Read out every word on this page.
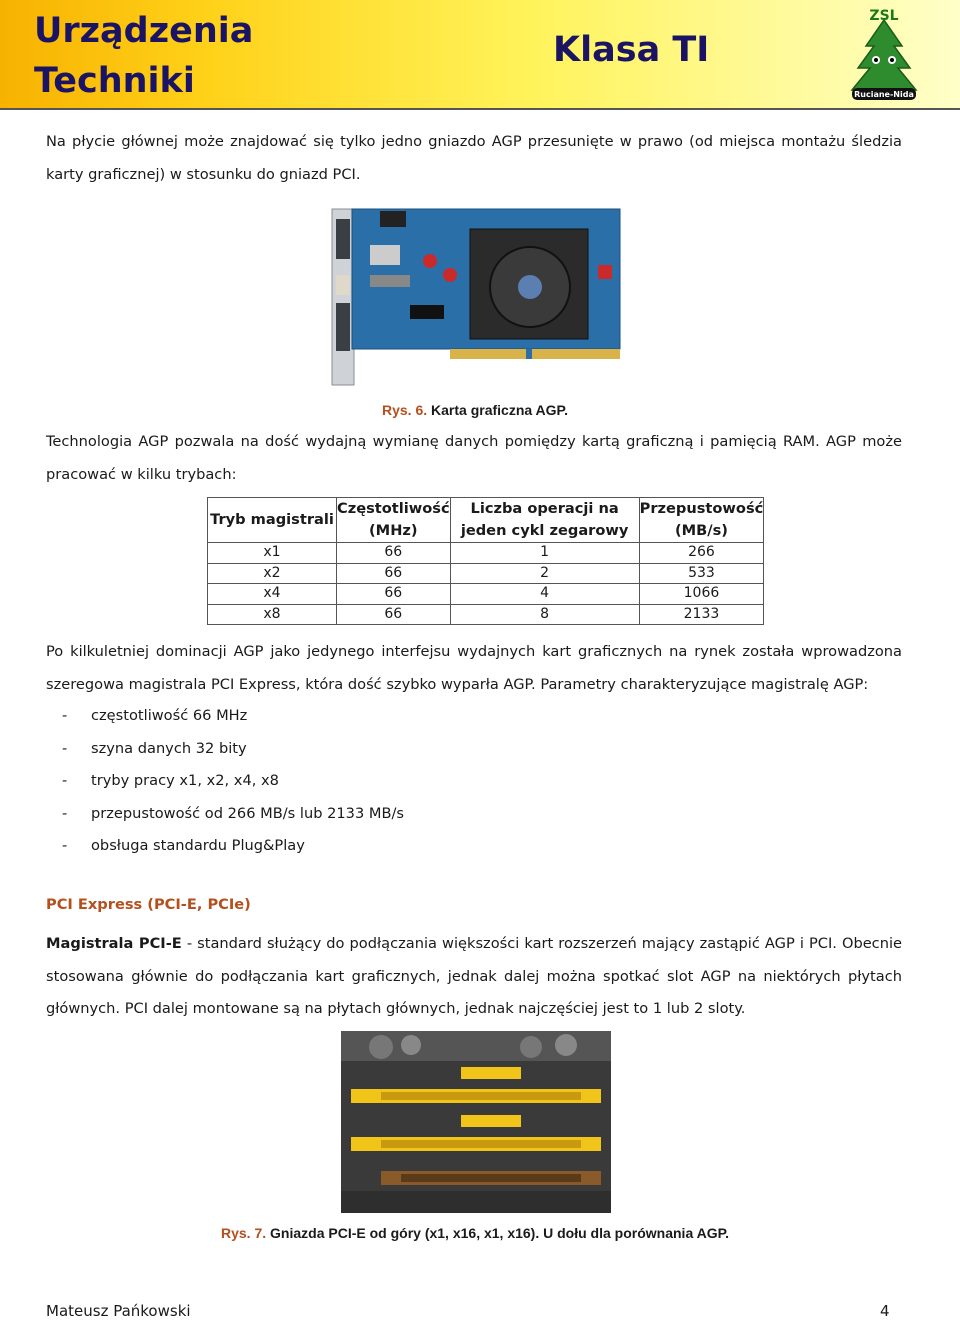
Urządzenia
Techniki
Klasa TI
ZSL
Ruciane-Nida

Na płycie głównej może znajdować się tylko jedno gniazdo AGP przesunięte w prawo (od miejsca montażu śledzia karty graficznej) w stosunku do gniazd PCI.

Rys. 6. Karta graficzna AGP.

Technologia AGP pozwala na dość wydajną wymianę danych pomiędzy kartą graficzną i pamięcią RAM. AGP może pracować w kilku trybach:

Tryb magistrali	Częstotliwość (MHz)	Liczba operacji na jeden cykl zegarowy	Przepustowość (MB/s)
x1	66	1	266
x2	66	2	533
x4	66	4	1066
x8	66	8	2133

Po kilkuletniej dominacji AGP jako jedynego interfejsu wydajnych kart graficznych na rynek została wprowadzona szeregowa magistrala PCI Express, która dość szybko wyparła AGP. Parametry charakteryzujące magistralę AGP:

- częstotliwość 66 MHz
- szyna danych 32 bity
- tryby pracy x1, x2, x4, x8
- przepustowość od 266 MB/s lub 2133 MB/s
- obsługa standardu Plug&Play
PCI Express (PCI-E, PCIe)

Magistrala PCI-E - standard służący do podłączania większości kart rozszerzeń mający zastąpić AGP i PCI. Obecnie stosowana głównie do podłączania kart graficznych, jednak dalej można spotkać slot AGP na niektórych płytach głównych. PCI dalej montowane są na płytach głównych, jednak najczęściej jest to 1 lub 2 sloty.

Rys. 7. Gniazda PCI-E od góry (x1, x16, x1, x16). U dołu dla porównania AGP.
Mateusz Pańkowski	4
